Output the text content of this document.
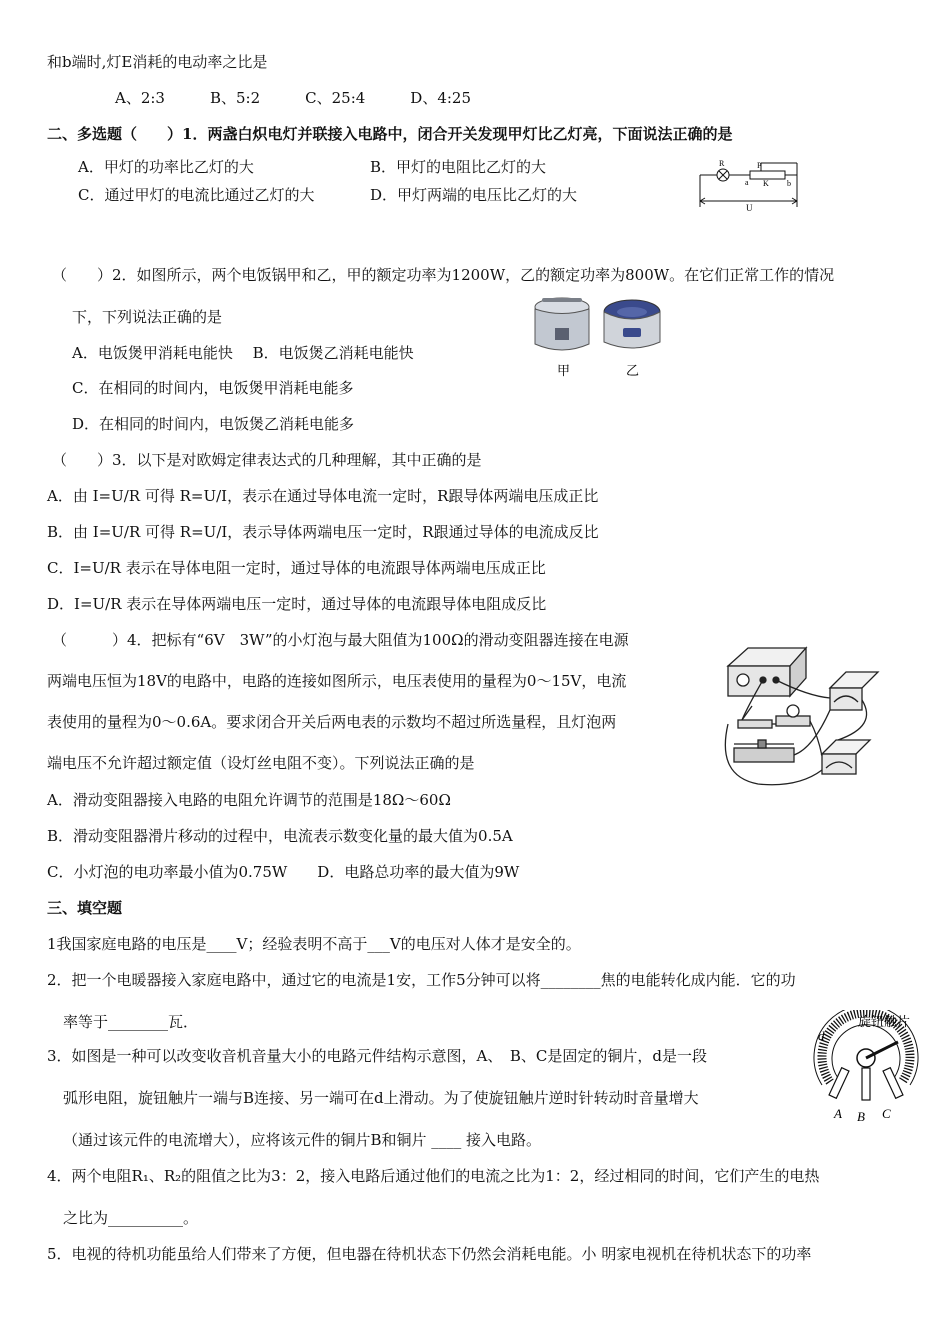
和b端时,灯E消耗的电动率之比是
A、2:3　　　B、5:2　　　C、25:4　　　D、4:25
二、多选题（　　）1．两盏白炽电灯并联接入电路中，闭合开关发现甲灯比乙灯亮，下面说法正确的是
A．甲灯的功率比乙灯的大	B．甲灯的电阻比乙灯的大
C．通过甲灯的电流比通过乙灯的大	D．甲灯两端的电压比乙灯的大
（　　）2．如图所示，两个电饭锅甲和乙，甲的额定功率为1200W，乙的额定功率为800W。在它们正常工作的情况
下，下列说法正确的是
A．电饭煲甲消耗电能快　 B．电饭煲乙消耗电能快
C．在相同的时间内，电饭煲甲消耗电能多
D．在相同的时间内，电饭煲乙消耗电能多
（　　）3．以下是对欧姆定律表达式的几种理解，其中正确的是
A．由 I=U/R 可得 R=U/I，表示在通过导体电流一定时，R跟导体两端电压成正比
B．由 I=U/R 可得 R=U/I，表示导体两端电压一定时，R跟通过导体的电流成反比
C．I=U/R 表示在导体电阻一定时，通过导体的电流跟导体两端电压成正比
D．I=U/R 表示在导体两端电压一定时，通过导体的电流跟导体电阻成反比
（　　　）4．把标有“6V　3W”的小灯泡与最大阻值为100Ω的滑动变阻器连接在电源
两端电压恒为18V的电路中，电路的连接如图所示，电压表使用的量程为0～15V，电流
表使用的量程为0～0.6A。要求闭合开关后两电表的示数均不超过所选量程，且灯泡两
端电压不允许超过额定值（设灯丝电阻不变）。下列说法正确的是
A．滑动变阻器接入电路的电阻允许调节的范围是18Ω～60Ω
B．滑动变阻器滑片移动的过程中，电流表示数变化量的最大值为0.5A
C．小灯泡的电功率最小值为0.75W　　D．电路总功率的最大值为9W
三、填空题
1我国家庭电路的电压是____V；经验表明不高于___V的电压对人体才是安全的。
2．把一个电暖器接入家庭电路中，通过它的电流是1安，工作5分钟可以将________焦的电能转化成内能．它的功
率等于________瓦．
3．如图是一种可以改变收音机音量大小的电路元件结构示意图，A、　B、C是固定的铜片，d是一段
弧形电阻，旋钮触片一端与B连接、另一端可在d上滑动。为了使旋钮触片逆时针转动时音量增大
（通过该元件的电流增大），应将该元件的铜片B和铜片 ____ 接入电路。
4．两个电阻R₁、R₂的阻值之比为3：2，接入电路后通过他们的电流之比为1：2，经过相同的时间，它们产生的电热
之比为__________。
5．电视的待机功能虽给人们带来了方便，但电器在待机状态下仍然会消耗电能。小 明家电视机在待机状态下的功率
R	P
a K b
U
甲	乙
旋钮触片
d
A B C
